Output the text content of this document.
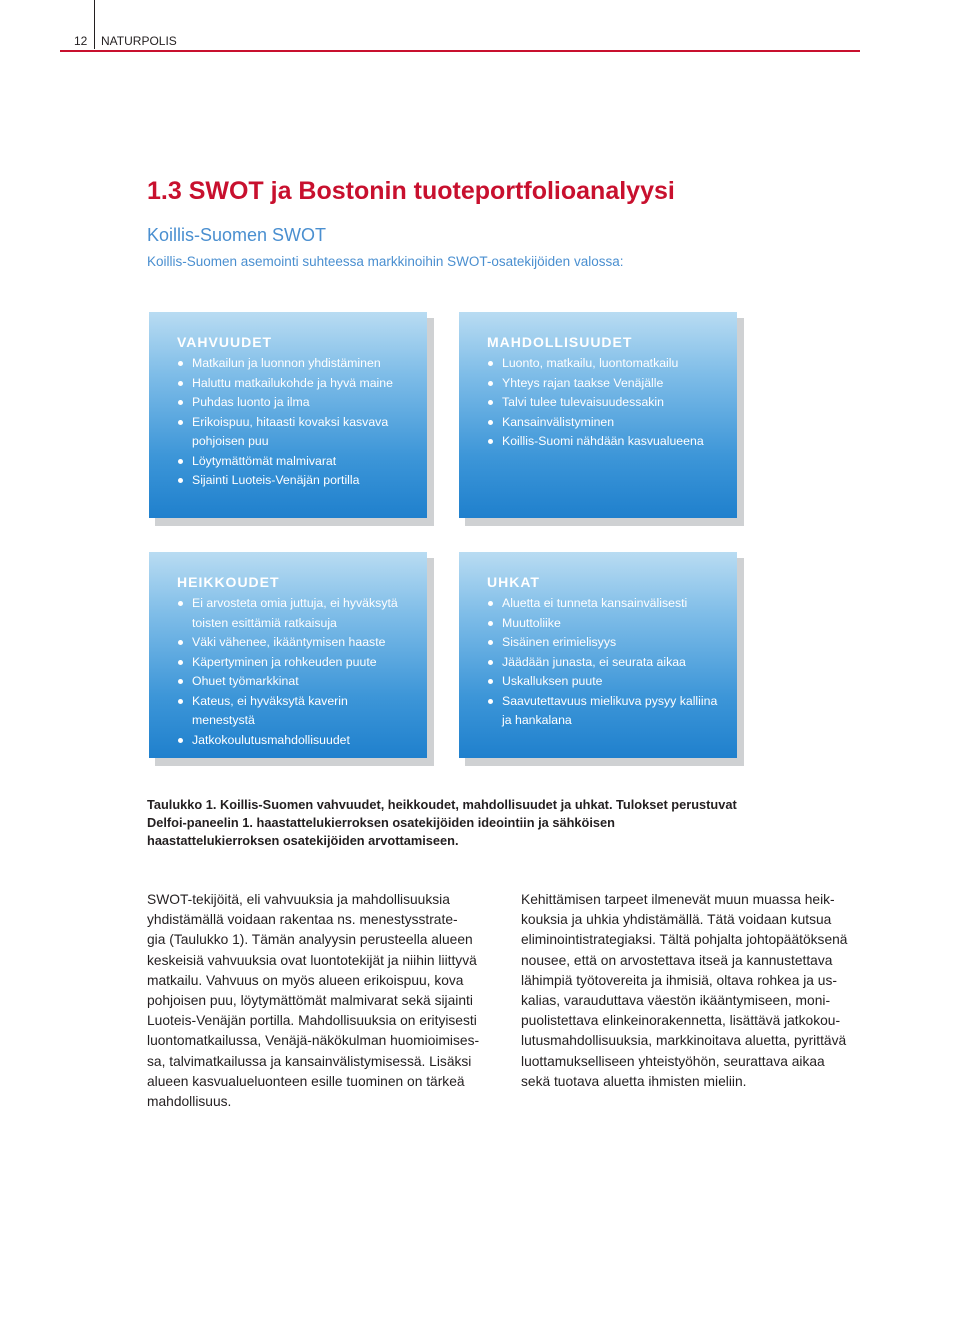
12 NATURPOLIS
1.3 SWOT ja Bostonin tuoteportfolioanalyysi
Koillis-Suomen SWOT
Koillis-Suomen asemointi suhteessa markkinoihin SWOT-osatekijöiden valossa:
VAHVUUDET
Matkailun ja luonnon yhdistäminen
Haluttu matkailukohde ja hyvä maine
Puhdas luonto ja ilma
Erikoispuu, hitaasti kovaksi kasvava pohjoisen puu
Löytymättömät malmivarat
Sijainti Luoteis-Venäjän portilla
MAHDOLLISUUDET
Luonto, matkailu, luontomatkailu
Yhteys rajan taakse Venäjälle
Talvi tulee tulevaisuudessakin
Kansainvälistyminen
Koillis-Suomi nähdään kasvualueena
HEIKKOUDET
Ei arvosteta omia juttuja, ei hyväksytä toisten esittämiä ratkaisuja
Väki vähenee, ikääntymisen haaste
Käpertyminen ja rohkeuden puute
Ohuet työmarkkinat
Kateus, ei hyväksytä kaverin menestystä
Jatkokoulutusmahdollisuudet
UHKAT
Aluetta ei tunneta kansainvälisesti
Muuttoliike
Sisäinen erimielisyys
Jäädään junasta, ei seurata aikaa
Uskalluksen puute
Saavutettavuus mielikuva pysyy kalliina ja hankalana
Taulukko 1. Koillis-Suomen vahvuudet, heikkoudet, mahdollisuudet ja uhkat. Tulokset perustuvat Delfoi-paneelin 1. haastattelukierroksen osatekijöiden ideointiin ja sähköisen haastattelukierroksen osatekijöiden arvottamiseen.
SWOT-tekijöitä, eli vahvuuksia ja mahdollisuuksia
yhdistämällä voidaan rakentaa ns. menestysstrate-
gia (Taulukko 1). Tämän analyysin perusteella alueen
keskeisiä vahvuuksia ovat luontotekijät ja niihin liittyvä
matkailu. Vahvuus on myös alueen erikoispuu, kova
pohjoisen puu, löytymättömät malmivarat sekä sijainti
Luoteis-Venäjän portilla. Mahdollisuuksia on erityisesti
luontomatkailussa, Venäjä-näkökulman huomioimises-
sa, talvimatkailussa ja kansainvälistymisessä. Lisäksi
alueen kasvualueluonteen esille tuominen on tärkeä
mahdollisuus.
Kehittämisen tarpeet ilmenevät muun muassa heik-
kouksia ja uhkia yhdistämällä. Tätä voidaan kutsua
eliminointistrategiaksi. Tältä pohjalta johtopäätöksenä
nousee, että on arvostettava itseä ja kannustettava
lähimpiä työtovereita ja ihmisiä, oltava rohkea ja us-
kalias, varauduttava väestön ikääntymiseen, moni-
puolistettava elinkeinorakennetta, lisättävä jatkokou-
lutusmahdollisuuksia, markkinoitava aluetta, pyrittävä
luottamukselliseen yhteistyöhön, seurattava aikaa
sekä tuotava aluetta ihmisten mieliin.
